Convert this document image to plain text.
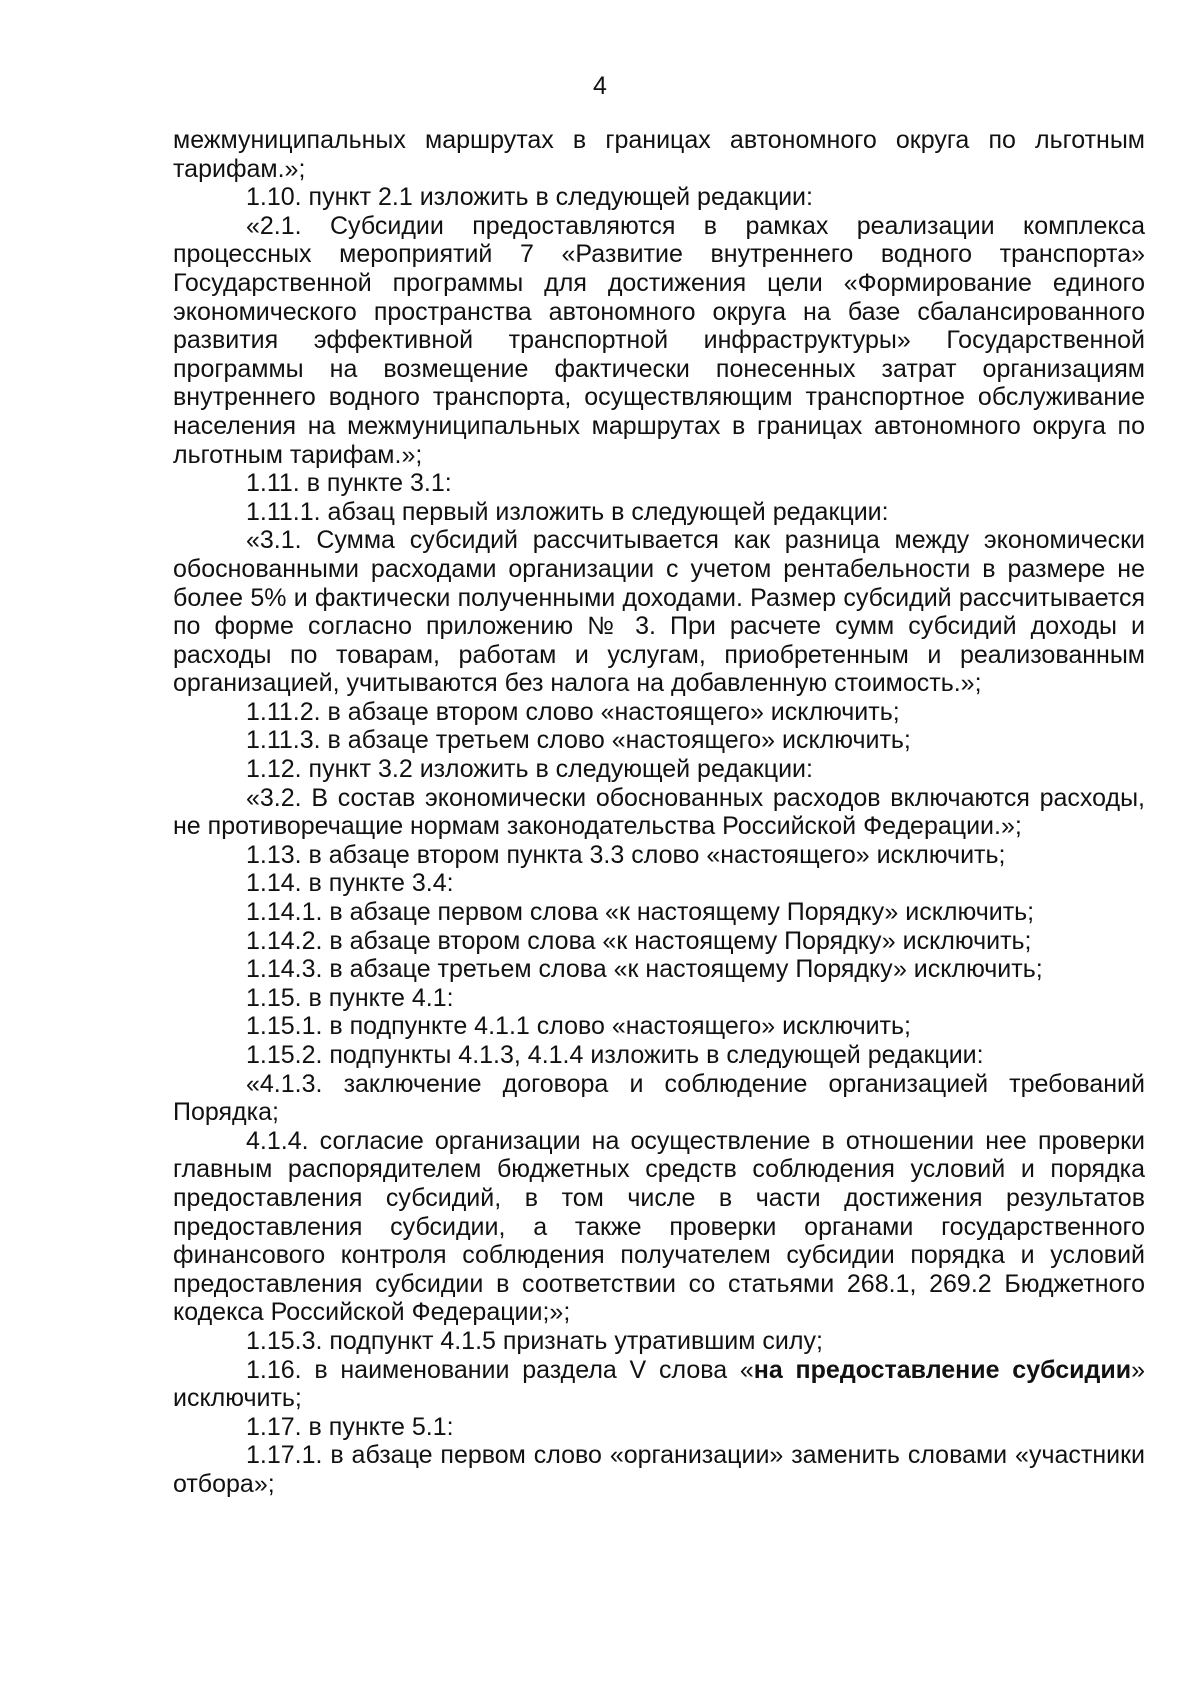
4

межмуниципальных маршрутах в границах автономного округа по льготным тарифам.»;

1.10. пункт 2.1 изложить в следующей редакции:

«2.1. Субсидии предоставляются в рамках реализации комплекса процессных мероприятий 7 «Развитие внутреннего водного транспорта» Государственной программы для достижения цели «Формирование единого экономического пространства автономного округа на базе сбалансированного развития эффективной транспортной инфраструктуры» Государственной программы на возмещение фактически понесенных затрат организациям внутреннего водного транспорта, осуществляющим транспортное обслуживание населения на межмуниципальных маршрутах в границах автономного округа по льготным тарифам.»;

1.11. в пункте 3.1:

1.11.1. абзац первый изложить в следующей редакции:

«3.1. Сумма субсидий рассчитывается как разница между экономически обоснованными расходами организации с учетом рентабельности в размере не более 5% и фактически полученными доходами. Размер субсидий рассчитывается по форме согласно приложению № 3. При расчете сумм субсидий доходы и расходы по товарам, работам и услугам, приобретенным и реализованным организацией, учитываются без налога на добавленную стоимость.»;

1.11.2. в абзаце втором слово «настоящего» исключить;

1.11.3. в абзаце третьем слово «настоящего» исключить;

1.12. пункт 3.2 изложить в следующей редакции:

«3.2. В состав экономически обоснованных расходов включаются расходы, не противоречащие нормам законодательства Российской Федерации.»;

1.13. в абзаце втором пункта 3.3 слово «настоящего» исключить;

1.14. в пункте 3.4:

1.14.1. в абзаце первом слова «к настоящему Порядку» исключить;

1.14.2. в абзаце втором слова «к настоящему Порядку» исключить;

1.14.3. в абзаце третьем слова «к настоящему Порядку» исключить;

1.15. в пункте 4.1:

1.15.1. в подпункте 4.1.1 слово «настоящего» исключить;

1.15.2. подпункты 4.1.3, 4.1.4 изложить в следующей редакции:

«4.1.3. заключение договора и соблюдение организацией требований Порядка;

4.1.4. согласие организации на осуществление в отношении нее проверки главным распорядителем бюджетных средств соблюдения условий и порядка предоставления субсидий, в том числе в части достижения результатов предоставления субсидии, а также проверки органами государственного финансового контроля соблюдения получателем субсидии порядка и условий предоставления субсидии в соответствии со статьями 268.1, 269.2 Бюджетного кодекса Российской Федерации;»;

1.15.3. подпункт 4.1.5 признать утратившим силу;

1.16. в наименовании раздела V слова «на предоставление субсидии» исключить;

1.17. в пункте 5.1:

1.17.1. в абзаце первом слово «организации» заменить словами «участники отбора»;
